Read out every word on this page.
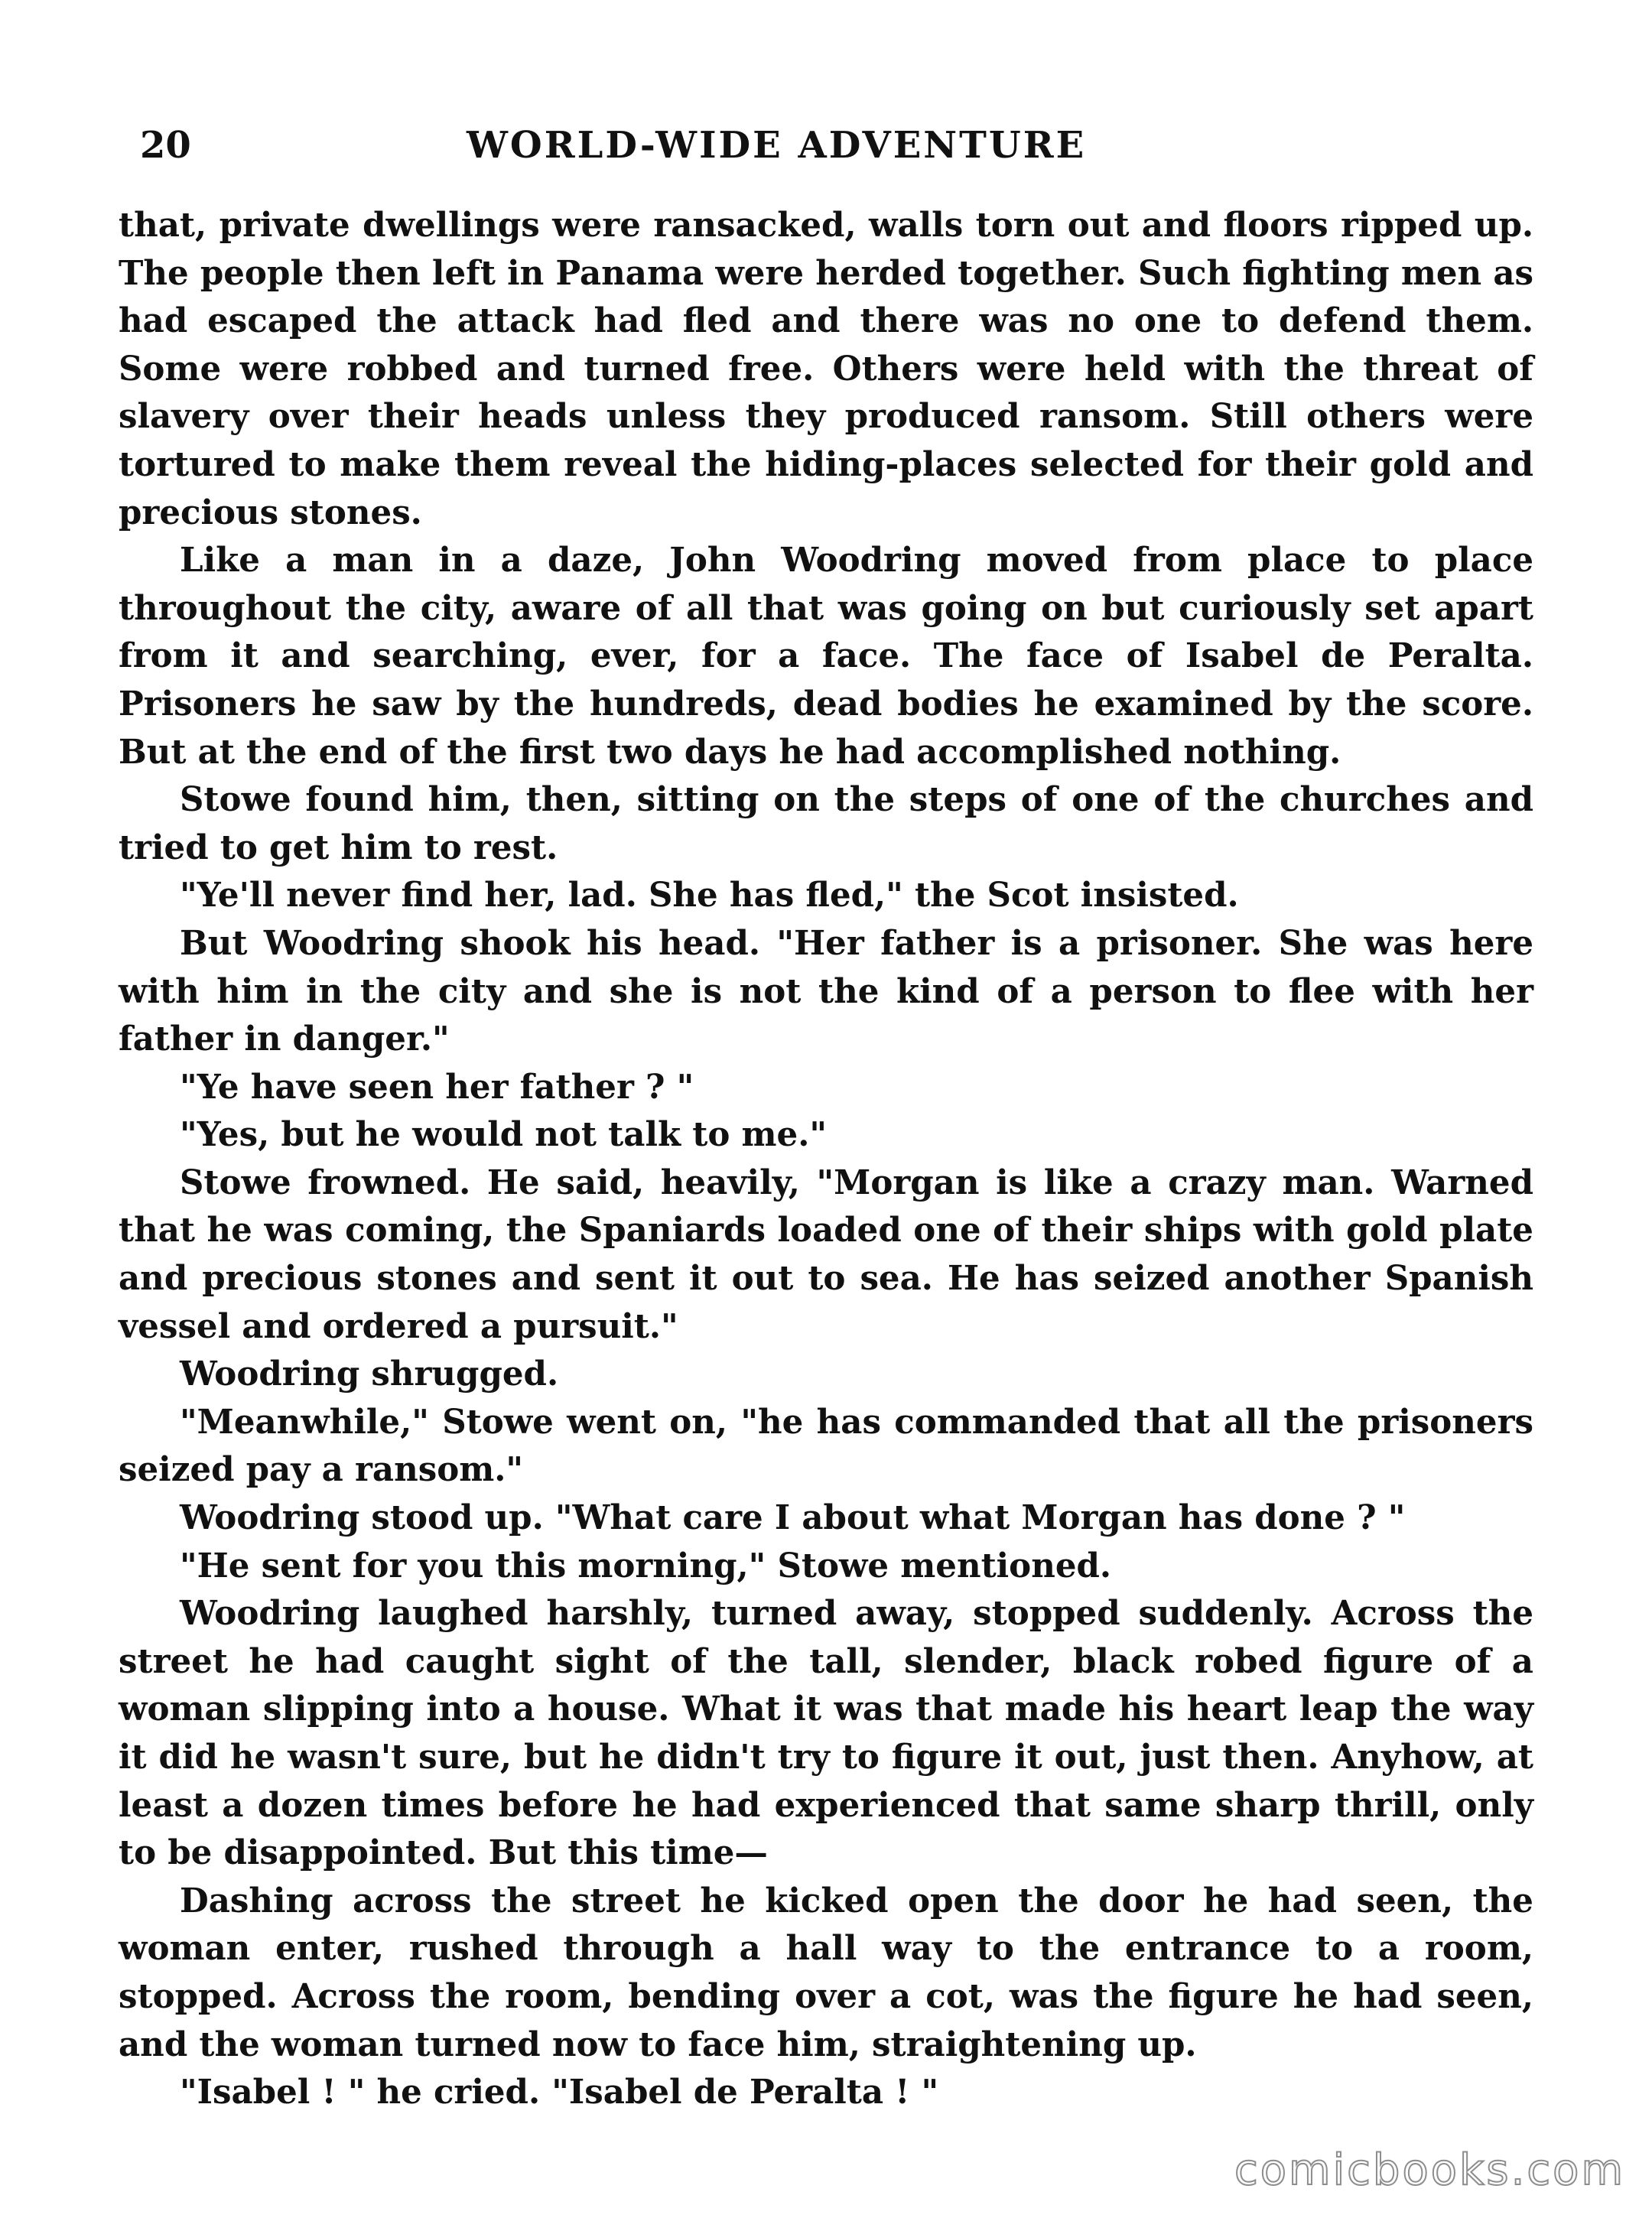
20	WORLD-WIDE ADVENTURE

that, private dwellings were ransacked, walls torn out and floors ripped up. The people then left in Panama were herded together. Such fighting men as had escaped the attack had fled and there was no one to defend them. Some were robbed and turned free. Others were held with the threat of slavery over their heads unless they produced ransom. Still others were tortured to make them reveal the hiding-places selected for their gold and precious stones.

Like a man in a daze, John Woodring moved from place to place throughout the city, aware of all that was going on but curiously set apart from it and searching, ever, for a face. The face of Isabel de Peralta. Prisoners he saw by the hundreds, dead bodies he examined by the score. But at the end of the first two days he had accomplished nothing.

Stowe found him, then, sitting on the steps of one of the churches and tried to get him to rest.

"Ye'll never find her, lad. She has fled," the Scot insisted.

But Woodring shook his head. "Her father is a prisoner. She was here with him in the city and she is not the kind of a person to flee with her father in danger."

"Ye have seen her father ? "

"Yes, but he would not talk to me."

Stowe frowned. He said, heavily, "Morgan is like a crazy man. Warned that he was coming, the Spaniards loaded one of their ships with gold plate and precious stones and sent it out to sea. He has seized another Spanish vessel and ordered a pursuit."

Woodring shrugged.

"Meanwhile," Stowe went on, "he has commanded that all the prisoners seized pay a ransom."

Woodring stood up. "What care I about what Morgan has done ? "

"He sent for you this morning," Stowe mentioned.

Woodring laughed harshly, turned away, stopped suddenly. Across the street he had caught sight of the tall, slender, black robed figure of a woman slipping into a house. What it was that made his heart leap the way it did he wasn't sure, but he didn't try to figure it out, just then. Anyhow, at least a dozen times before he had experienced that same sharp thrill, only to be disappointed. But this time—

Dashing across the street he kicked open the door he had seen, the woman enter, rushed through a hall way to the entrance to a room, stopped. Across the room, bending over a cot, was the figure he had seen, and the woman turned now to face him, straightening up.

"Isabel ! " he cried. "Isabel de Peralta ! "

comicbooks.com
